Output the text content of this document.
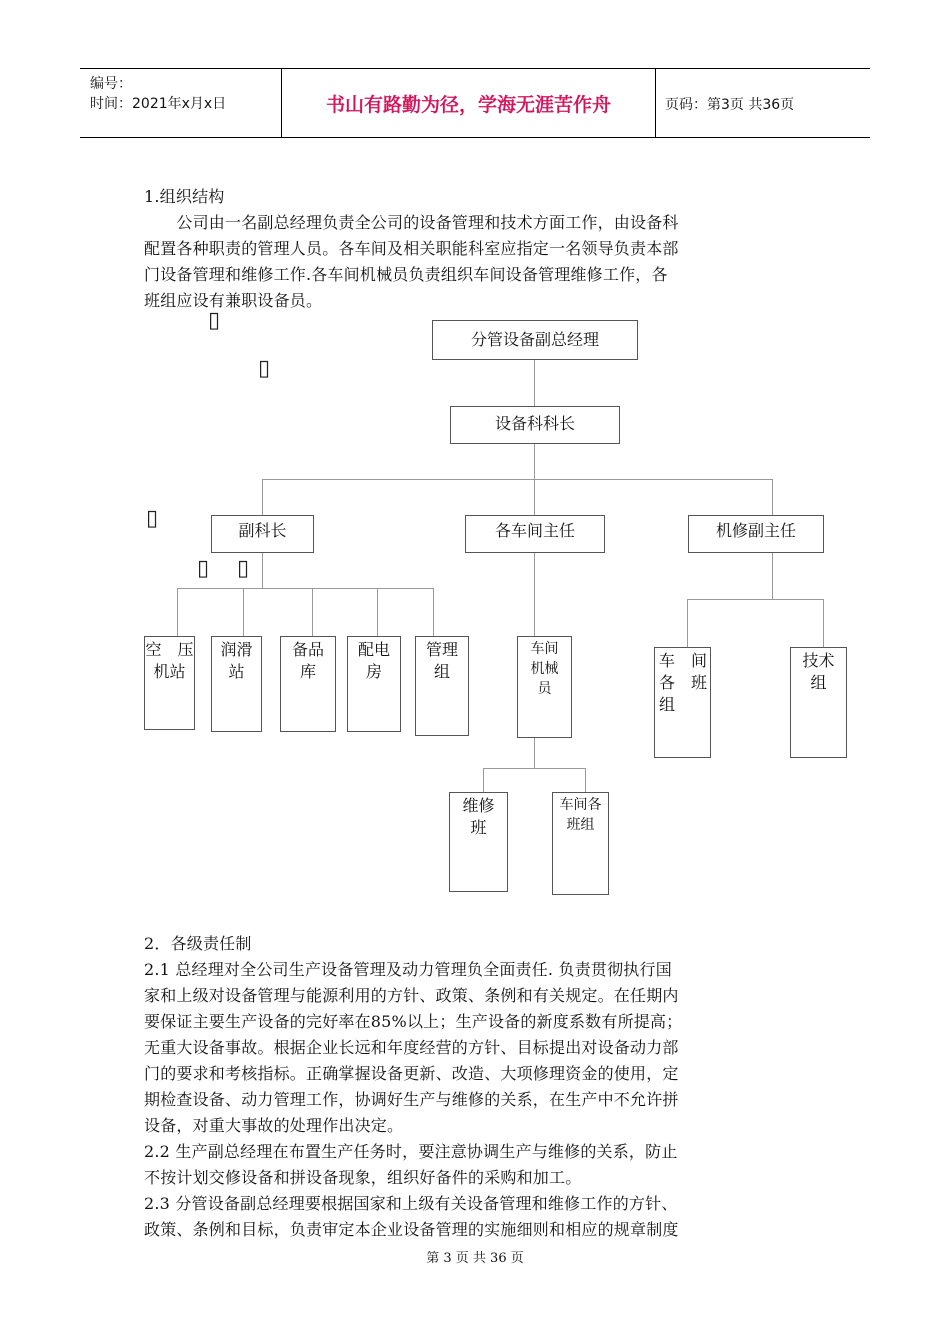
编号：
时间：2021年x月x日	书山有路勤为径，学海无涯苦作舟	页码：第3页 共36页
1.组织结构
　　公司由一名副总经理负责全公司的设备管理和技术方面工作，由设备科
配置各种职责的管理人员。各车间及相关职能科室应指定一名领导负责本部
门设备管理和维修工作.各车间机械员负责组织车间设备管理维修工作，各
班组应设有兼职设备员。
▯
▯
▯
▯ ▯
分管设备副总经理
设备科科长
副科长	各车间主任	机修副主任
空　压
机站
润滑
站
备品
库
配电
房
管理
组
车间
机械
员
车　间
各　班
组
技术
组
维修
班
车间各
班组
2．各级责任制
2.1 总经理对全公司生产设备管理及动力管理负全面责任. 负责贯彻执行国
家和上级对设备管理与能源利用的方针、政策、条例和有关规定。在任期内
要保证主要生产设备的完好率在85%以上；生产设备的新度系数有所提高；
无重大设备事故。根据企业长远和年度经营的方针、目标提出对设备动力部
门的要求和考核指标。正确掌握设备更新、改造、大项修理资金的使用，定
期检查设备、动力管理工作，协调好生产与维修的关系，在生产中不允许拼
设备，对重大事故的处理作出决定。
2.2 生产副总经理在布置生产任务时，要注意协调生产与维修的关系，防止
不按计划交修设备和拼设备现象，组织好备件的采购和加工。
2.3 分管设备副总经理要根据国家和上级有关设备管理和维修工作的方针、
政策、条例和目标，负责审定本企业设备管理的实施细则和相应的规章制度
第 3 页 共 36 页
